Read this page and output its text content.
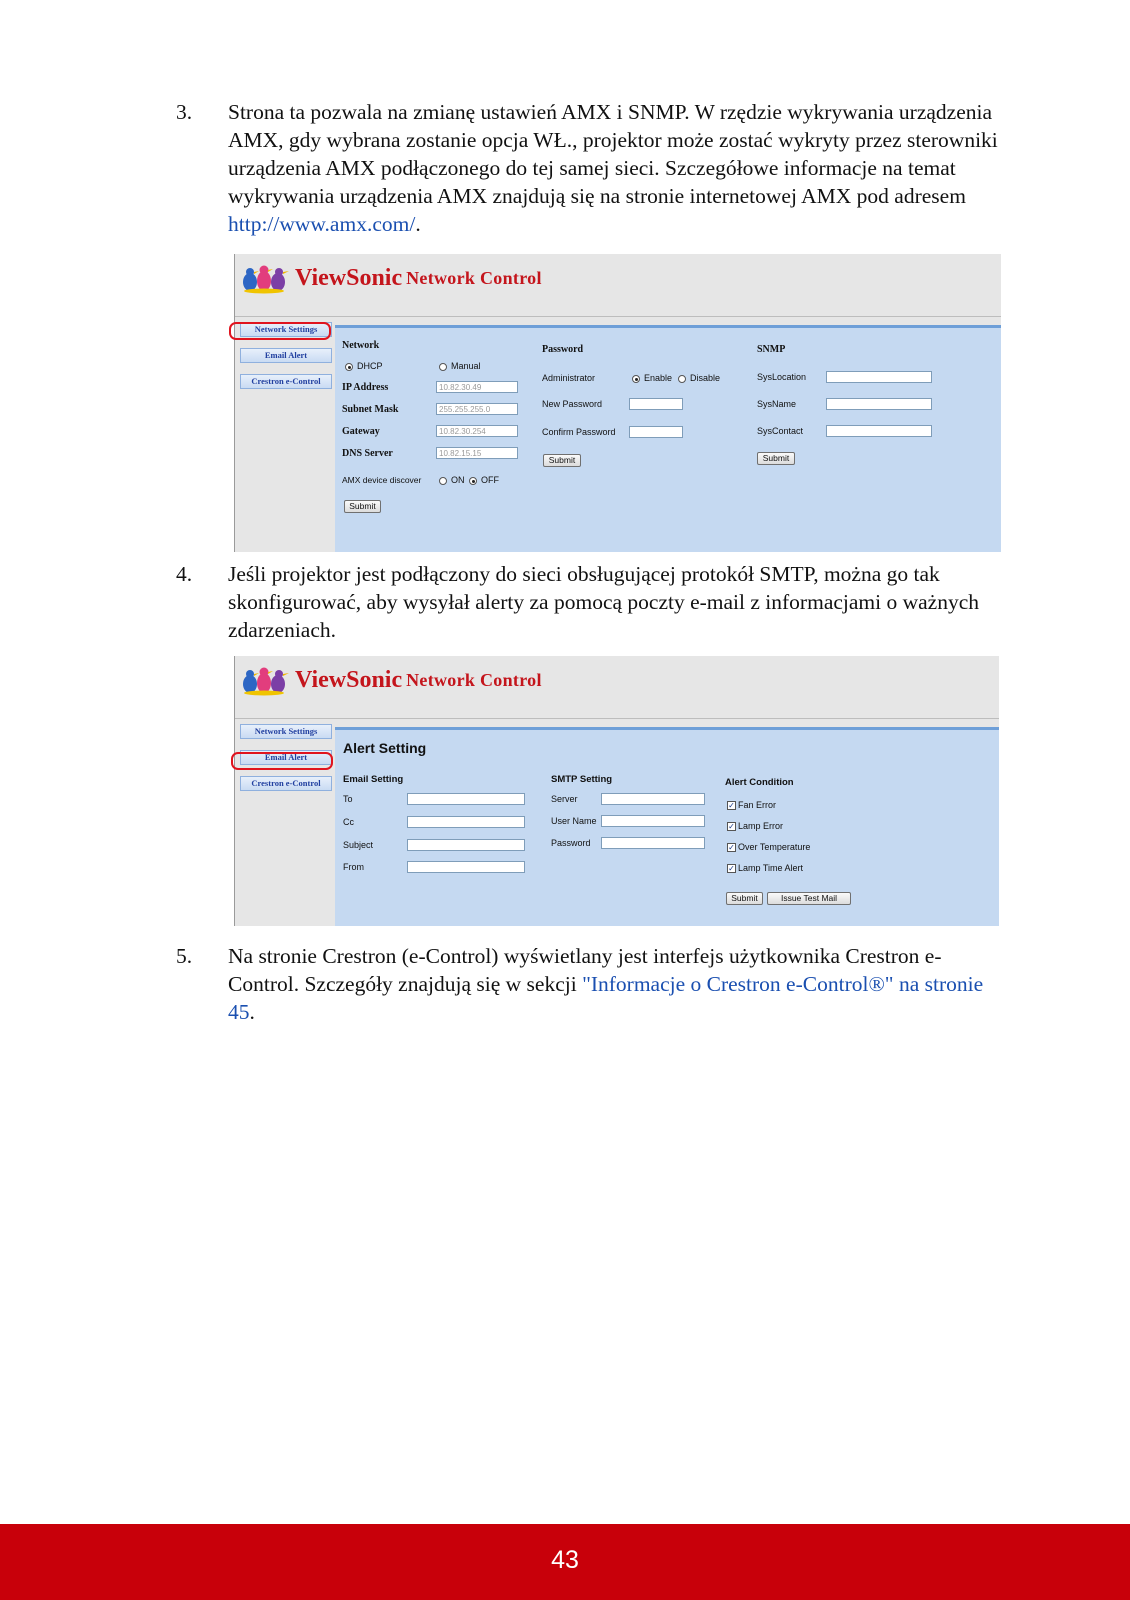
3. Strona ta pozwala na zmianę ustawień AMX i SNMP. W rzędzie wykrywania urządzenia AMX, gdy wybrana zostanie opcja WŁ., projektor może zostać wykryty przez sterowniki urządzenia AMX podłączonego do tej samej sieci. Szczegółowe informacje na temat wykrywania urządzenia AMX znajdują się na stronie internetowej AMX pod adresem http://www.amx.com/.
ViewSonic Network Control
Network Settings
Email Alert
Crestron e-Control
Network
DHCP	Manual
IP Address	10.82.30.49
Subnet Mask	255.255.255.0
Gateway	10.82.30.254
DNS Server	10.82.15.15
AMX device discover	ON OFF
Submit
Password
Administrator	Enable Disable
New Password
Confirm Password
Submit
SNMP
SysLocation
SysName
SysContact
Submit
4. Jeśli projektor jest podłączony do sieci obsługującej protokół SMTP, można go tak skonfigurować, aby wysyłał alerty za pomocą poczty e-mail z informacjami o ważnych zdarzeniach.
ViewSonic Network Control
Network Settings
Email Alert
Crestron e-Control
Alert Setting
Email Setting
To
Cc
Subject
From
SMTP Setting
Server
User Name
Password
Alert Condition
✓ Fan Error
✓ Lamp Error
✓ Over Temperature
✓ Lamp Time Alert
Submit	Issue Test Mail
5. Na stronie Crestron (e-Control) wyświetlany jest interfejs użytkownika Crestron e-Control. Szczegóły znajdują się w sekcji "Informacje o Crestron e-Control®" na stronie 45.
43
